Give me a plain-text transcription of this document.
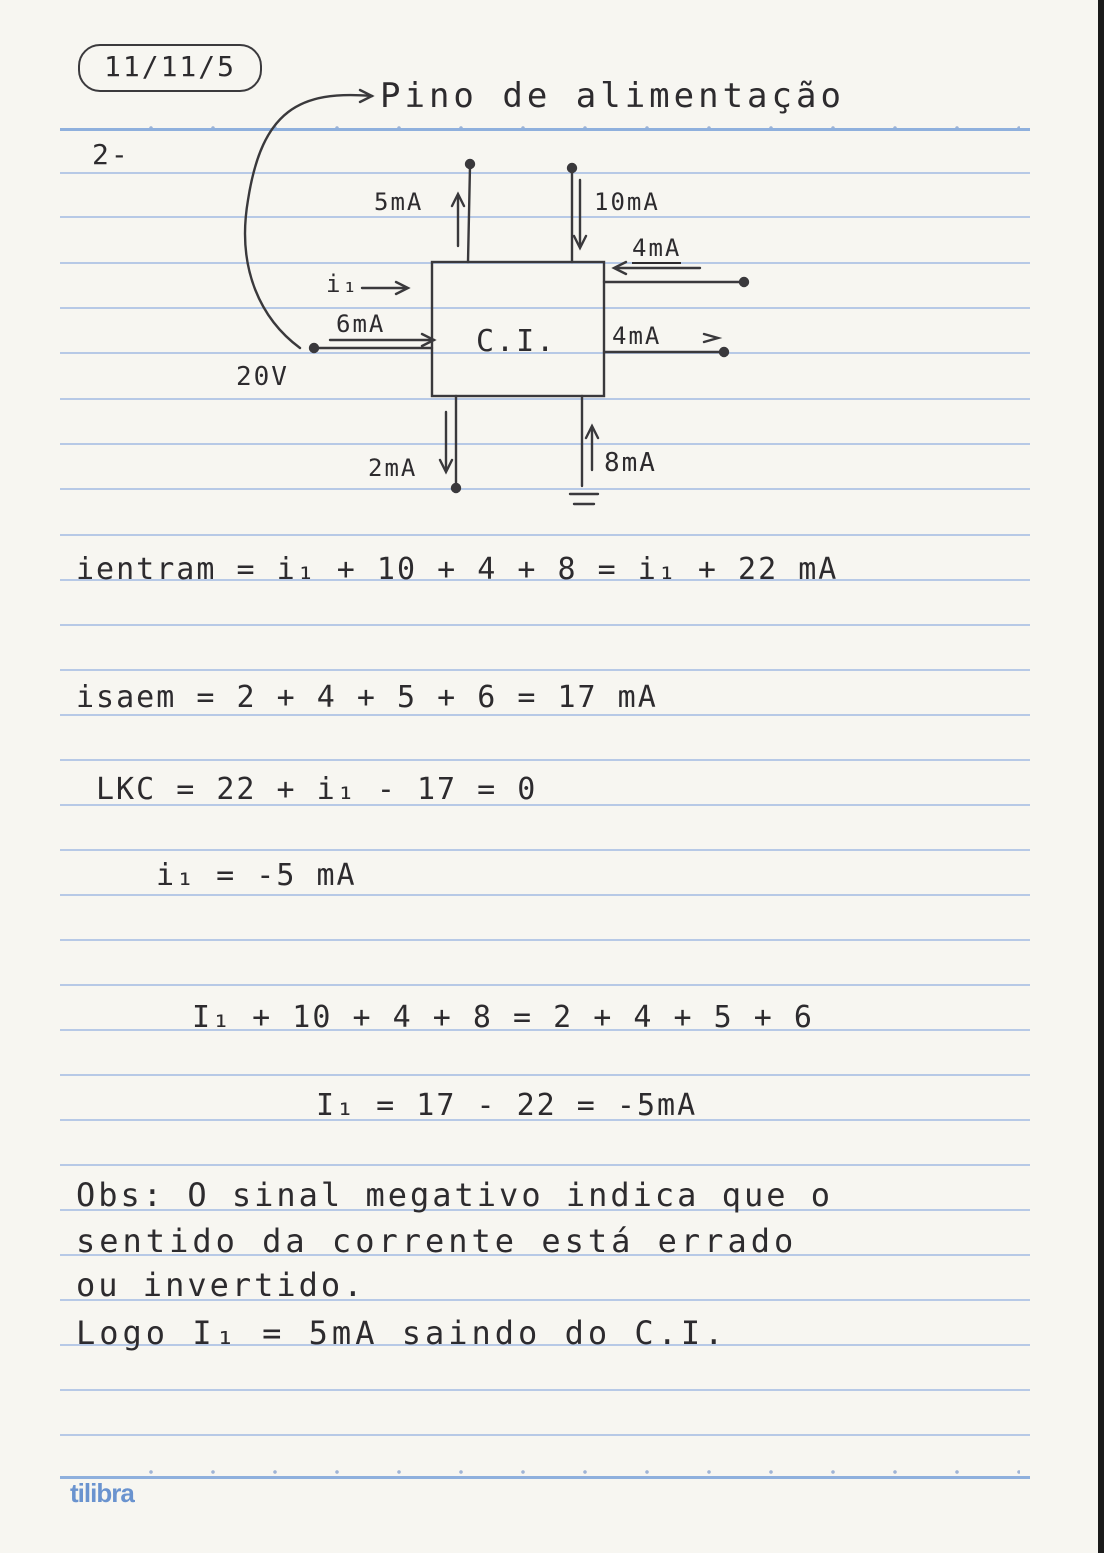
11/11/5
2-
Pino de alimentação
5mA	10mA
4mA
4mA
i₁
6mA	C.I.
20V
2mA	8mA
ientram = i₁ + 10 + 4 + 8 = i₁ + 22 mA
isaem = 2 + 4 + 5 + 6 = 17 mA
LKC = 22 + i₁ - 17 = 0
i₁ = -5 mA
I₁ + 10 + 4 + 8 = 2 + 4 + 5 + 6
I₁ = 17 - 22 = -5mA
Obs: O sinal megativo indica que o
sentido da corrente está errado
ou invertido.
Logo I₁ = 5mA saindo do C.I.
tilibra
